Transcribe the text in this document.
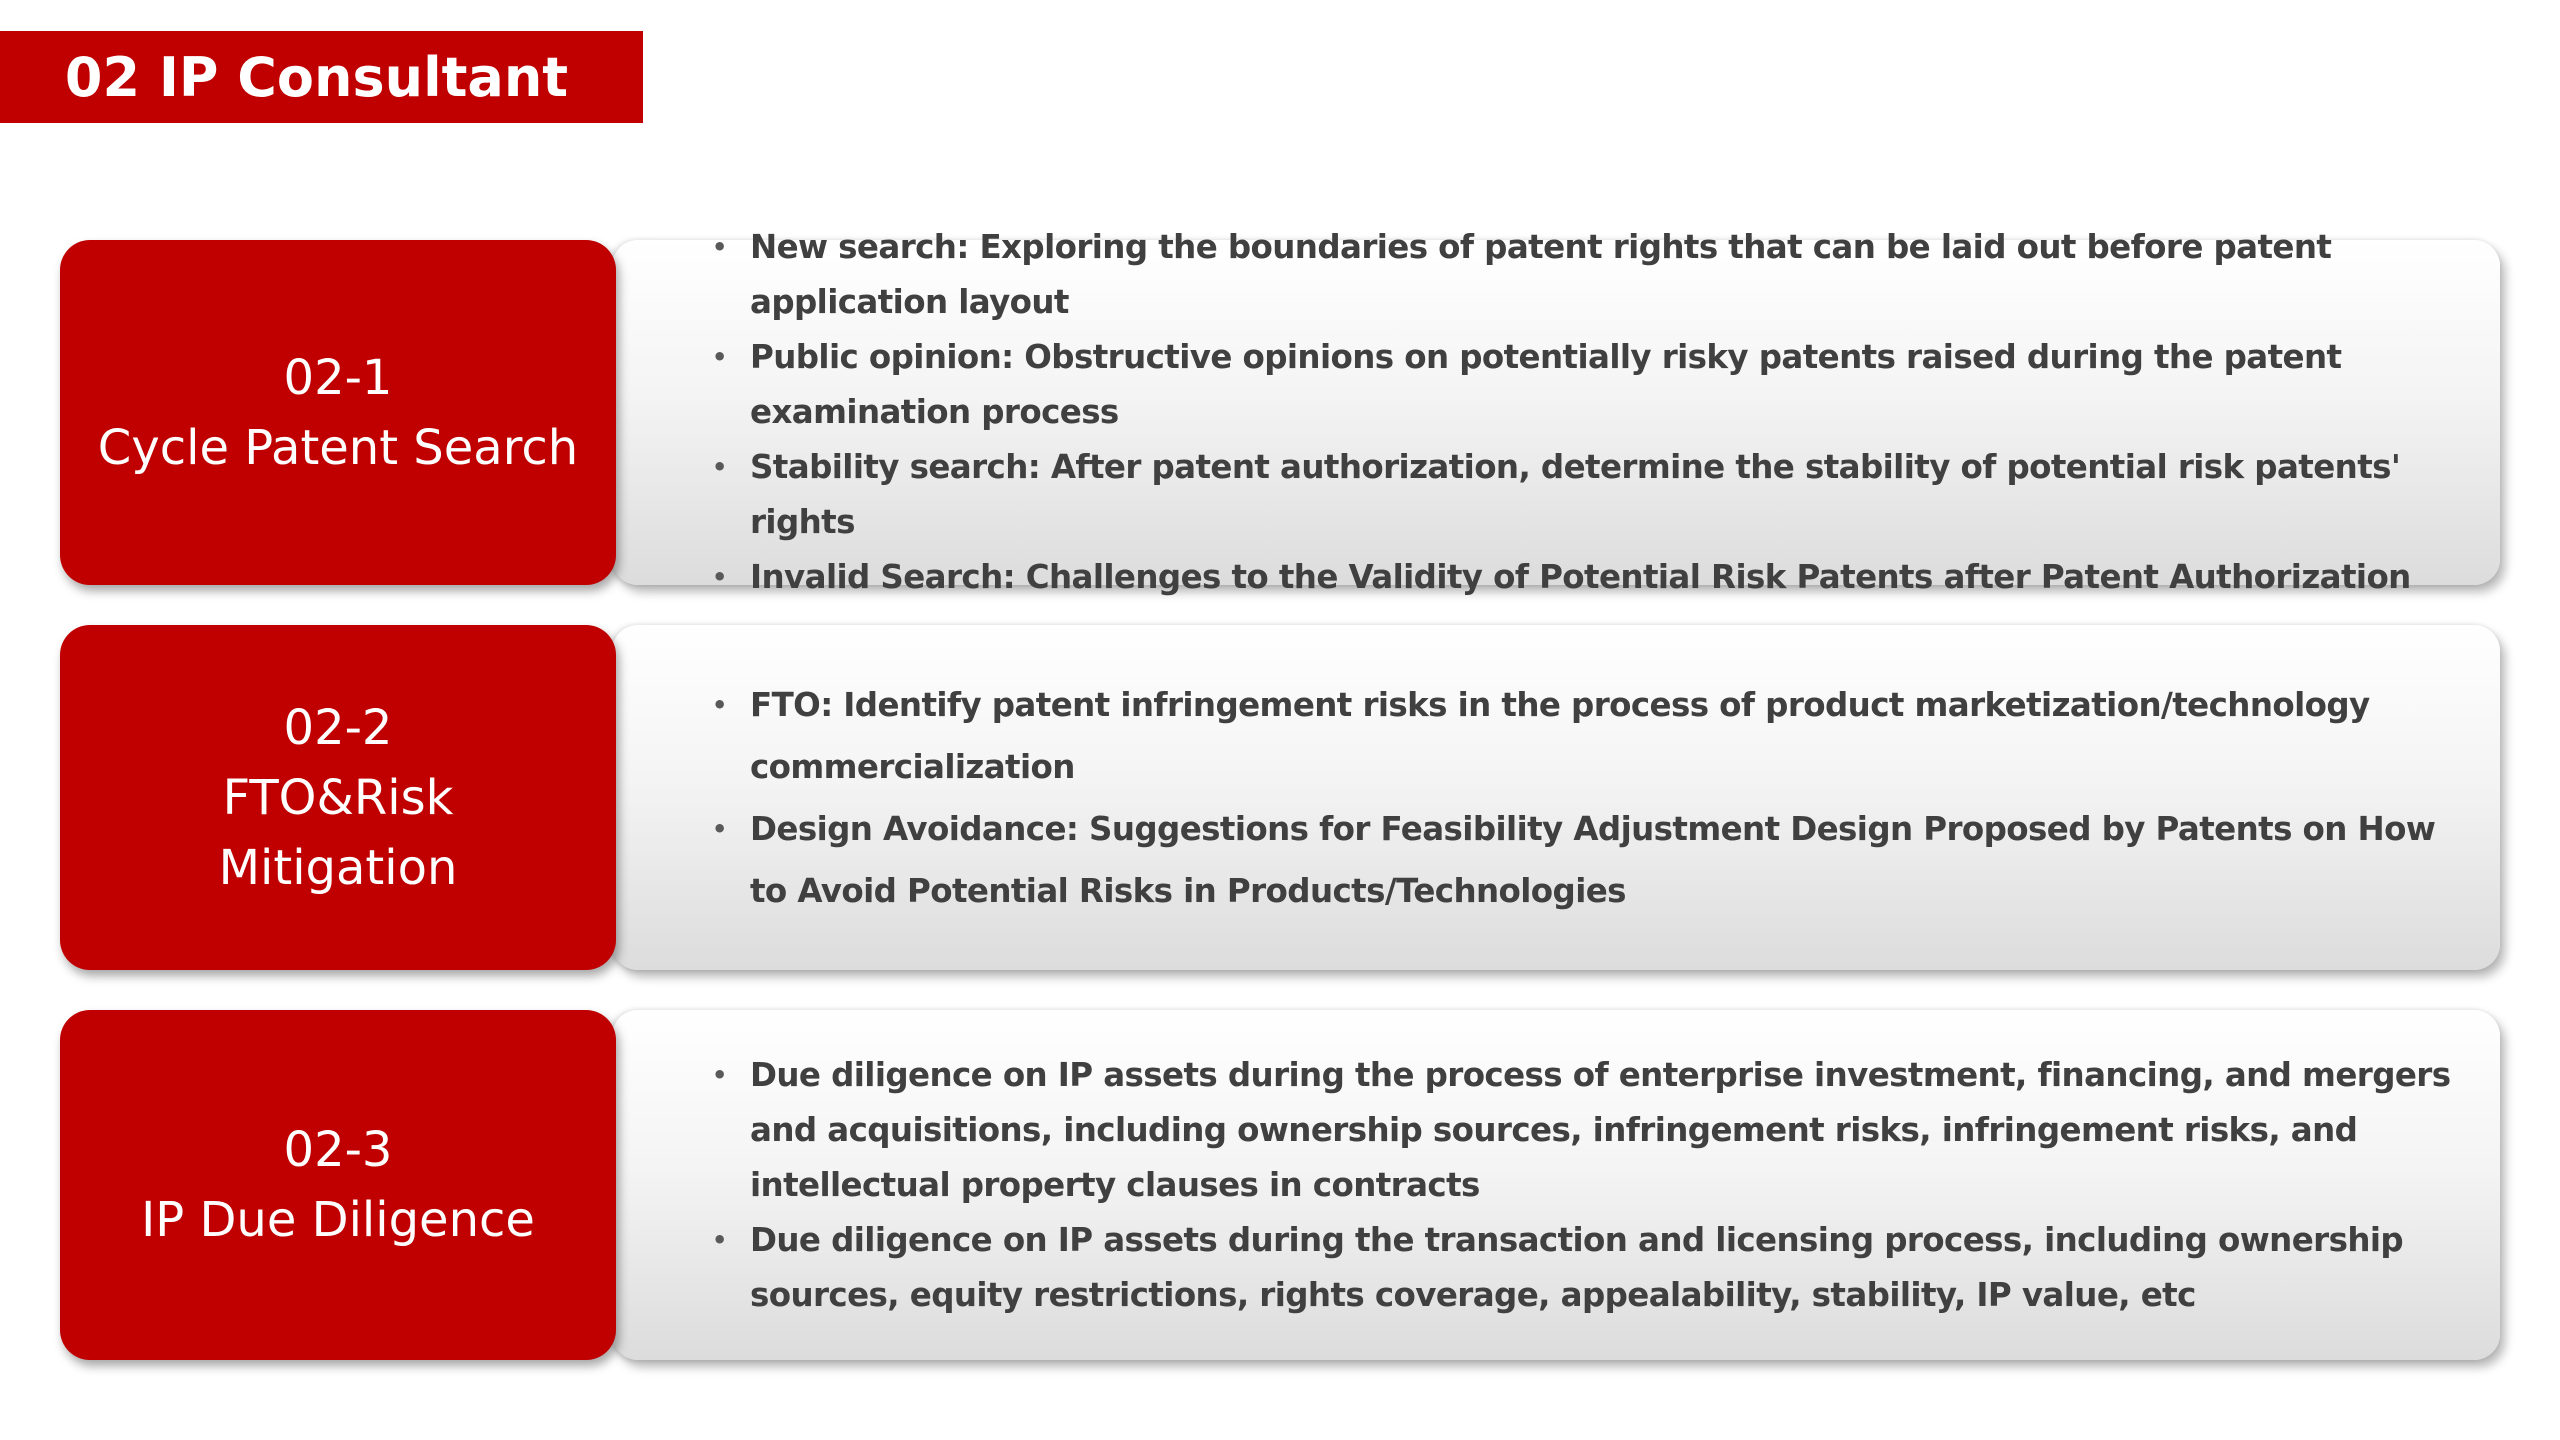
02 IP Consultant
• New search: Exploring the boundaries of patent rights that can be laid out before patent application layout
• Public opinion: Obstructive opinions on potentially risky patents raised during the patent examination process
• Stability search: After patent authorization, determine the stability of potential risk patents' rights
• Invalid Search: Challenges to the Validity of Potential Risk Patents after Patent Authorization
02-1
Cycle Patent Search
• FTO: Identify patent infringement risks in the process of product marketization/technology commercialization
• Design Avoidance: Suggestions for Feasibility Adjustment Design Proposed by Patents on How to Avoid Potential Risks in Products/Technologies
02-2
FTO&Risk
Mitigation
• Due diligence on IP assets during the process of enterprise investment, financing, and mergers and acquisitions, including ownership sources, infringement risks, infringement risks, and intellectual property clauses in contracts
• Due diligence on IP assets during the transaction and licensing process, including ownership sources, equity restrictions, rights coverage, appealability, stability, IP value, etc
02-3
IP Due Diligence
